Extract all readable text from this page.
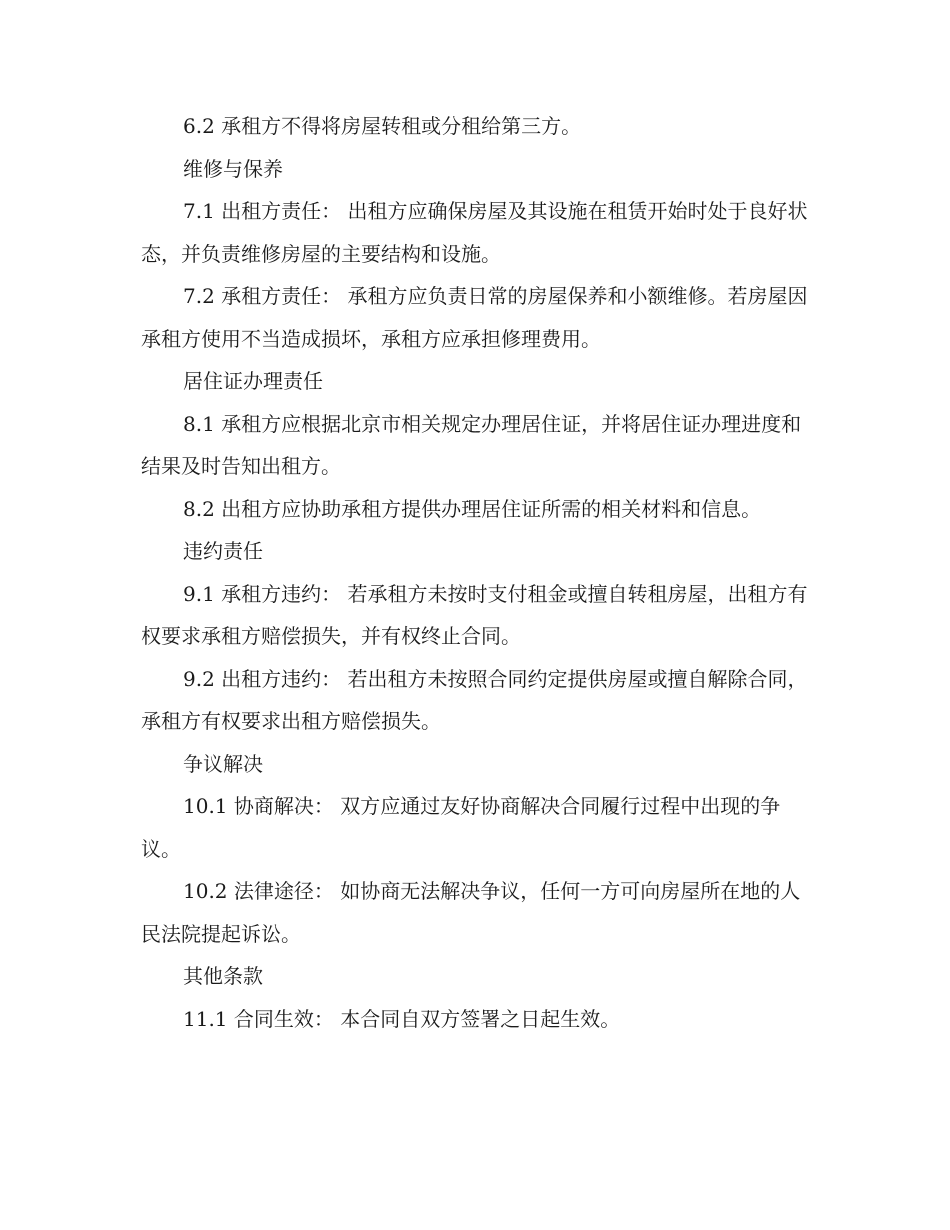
6.2 承租方不得将房屋转租或分租给第三方。

维修与保养

7.1 出租方责任： 出租方应确保房屋及其设施在租赁开始时处于良好状态，并负责维修房屋的主要结构和设施。

7.2 承租方责任： 承租方应负责日常的房屋保养和小额维修。若房屋因承租方使用不当造成损坏，承租方应承担修理费用。

居住证办理责任

8.1 承租方应根据北京市相关规定办理居住证，并将居住证办理进度和结果及时告知出租方。

8.2 出租方应协助承租方提供办理居住证所需的相关材料和信息。

违约责任

9.1 承租方违约： 若承租方未按时支付租金或擅自转租房屋，出租方有权要求承租方赔偿损失，并有权终止合同。

9.2 出租方违约： 若出租方未按照合同约定提供房屋或擅自解除合同，承租方有权要求出租方赔偿损失。

争议解决

10.1 协商解决： 双方应通过友好协商解决合同履行过程中出现的争议。

10.2 法律途径： 如协商无法解决争议，任何一方可向房屋所在地的人民法院提起诉讼。

其他条款

11.1 合同生效： 本合同自双方签署之日起生效。
